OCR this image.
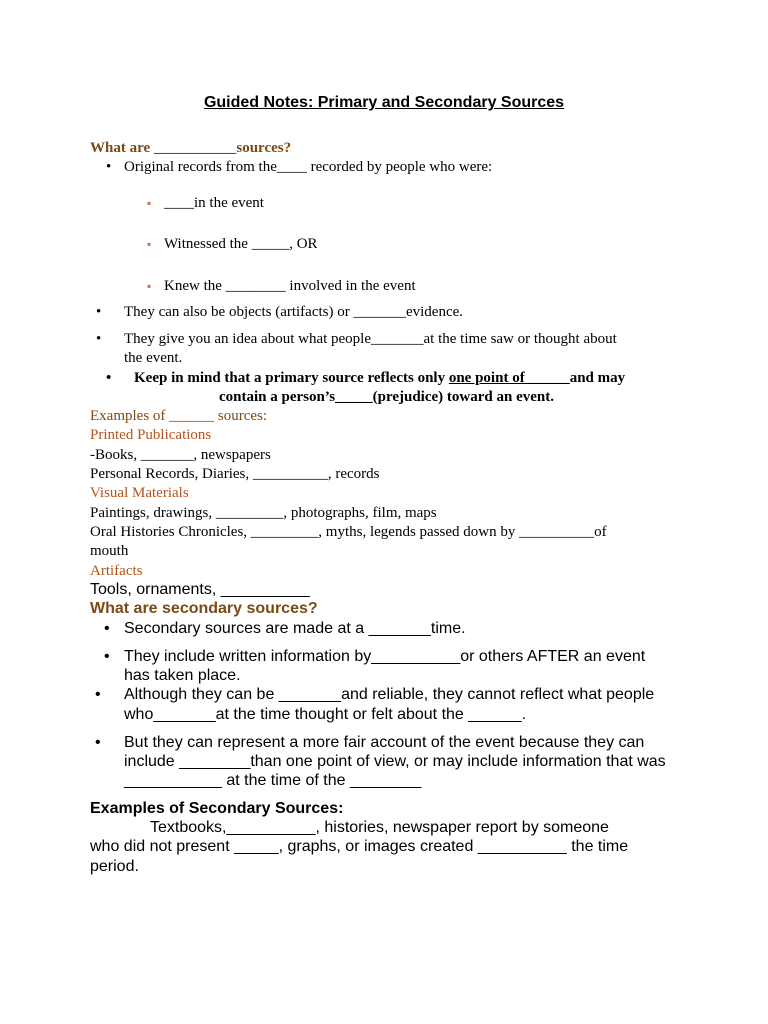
Guided Notes: Primary and Secondary Sources
What are ___________sources?
• Original records from the____ recorded by people who were:
▪ ____in the event
▪ Witnessed the _____, OR
▪ Knew the ________ involved in the event
• They can also be objects (artifacts) or _______evidence.
• They give you an idea about what people_______at the time saw or thought about
the event.
• Keep in mind that a primary source reflects only one point of______and may
contain a person’s_____(prejudice) toward an event.
Examples of ______ sources:
Printed Publications
-Books, _______, newspapers
Personal Records, Diaries, __________, records
Visual Materials
Paintings, drawings, _________, photographs, film, maps
Oral Histories Chronicles, _________, myths, legends passed down by __________of
mouth
Artifacts
Tools, ornaments, __________
What are secondary sources?
• Secondary sources are made at a _______time.
• They include written information by__________or others AFTER an event
has taken place.
• Although they can be _______and reliable, they cannot reflect what people
who_______at the time thought or felt about the ______.
• But they can represent a more fair account of the event because they can
include ________than one point of view, or may include information that was
___________ at the time of the ________
Examples of Secondary Sources:
Textbooks,__________, histories, newspaper report by someone
who did not present _____, graphs, or images created __________ the time
period.
